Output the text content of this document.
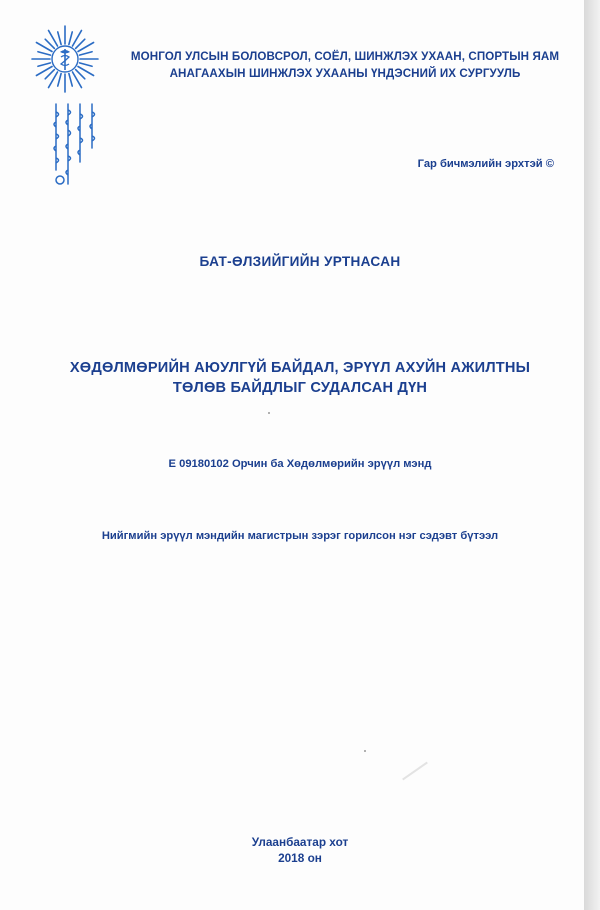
МОНГОЛ УЛСЫН БОЛОВСРОЛ, СОЁЛ, ШИНЖЛЭХ УХААН, СПОРТЫН ЯАМ
АНАГААХЫН ШИНЖЛЭХ УХААНЫ ҮНДЭСНИЙ ИХ СУРГУУЛЬ
Гар бичмэлийн эрхтэй ©
БАТ-ӨЛЗИЙГИЙН УРТНАСАН
ХӨДӨЛМӨРИЙН АЮУЛГҮЙ БАЙДАЛ, ЭРҮҮЛ АХУЙН АЖИЛТНЫ
ТӨЛӨВ БАЙДЛЫГ СУДАЛСАН ДҮН
E 09180102 Орчин ба Хөдөлмөрийн эрүүл мэнд
Нийгмийн эрүүл мэндийн магистрын зэрэг горилсон нэг сэдэвт бүтээл
Улаанбаатар хот
2018 он
